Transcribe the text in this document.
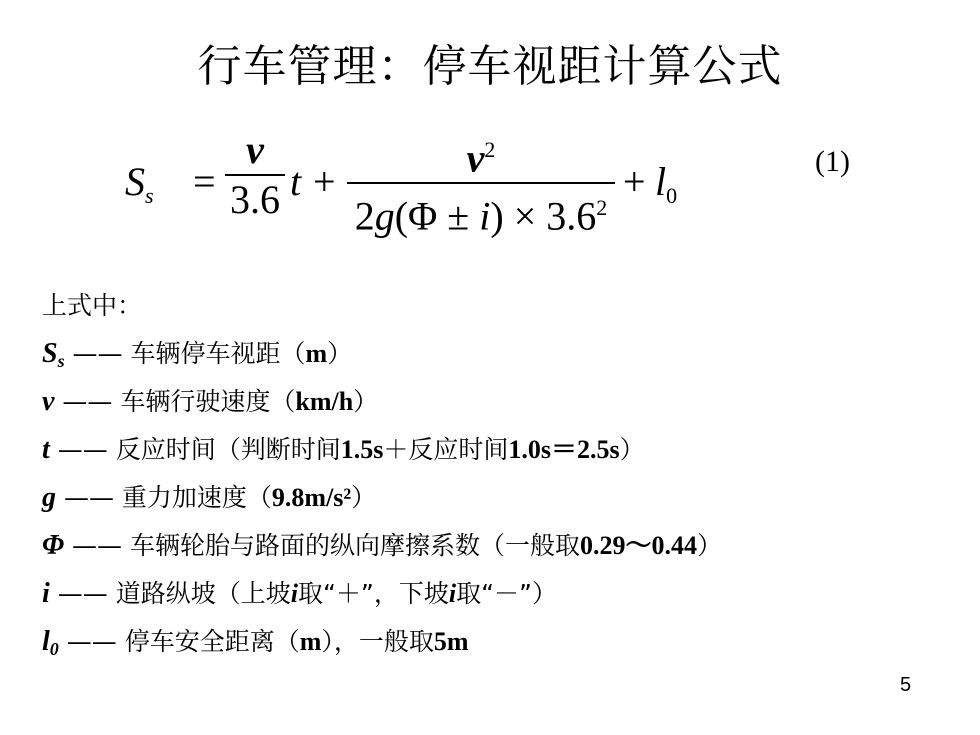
行车管理：停车视距计算公式
$S_s$ =
v
3.6 t +
$v^2$
$2g(\Phi \pm i) \times 3.6^2$
+ $l_0$
(1)
上式中：
$S_s$ —— 车辆停车视距（m）
v —— 车辆行驶速度（km/h）
t —— 反应时间（判断时间1.5s＋反应时间1.0s＝2.5s）
g —— 重力加速度（9.8m/s²）
Φ —— 车辆轮胎与路面的纵向摩擦系数（一般取0.29～0.44）
i —— 道路纵坡（上坡i取“＋”，下坡i取“－”）
$l_0$ —— 停车安全距离（m），一般取5m
5
